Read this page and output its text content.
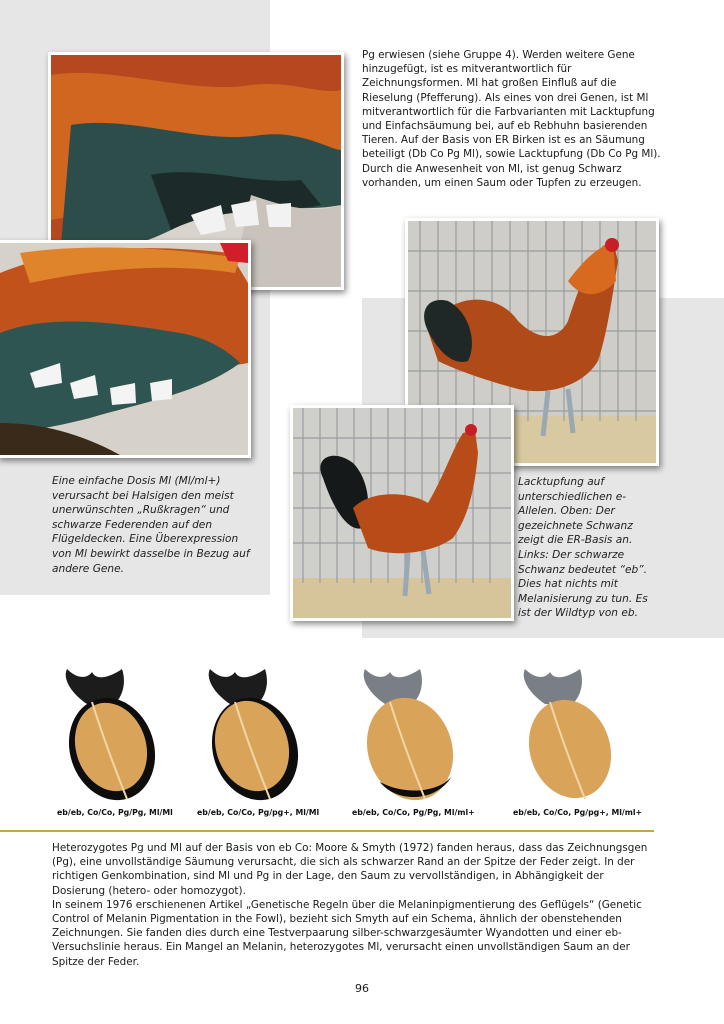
Pg erwiesen (siehe Gruppe 4). Werden weitere Gene hinzugefügt, ist es mitverantwortlich für Zeichnungsformen. Ml hat großen Einfluß auf die Rieselung (Pfefferung). Als eines von drei Genen, ist Ml mitverantwortlich für die Farbvarianten mit Lacktupfung und Einfachsäumung bei, auf eb Rebhuhn basierenden Tieren. Auf der Basis von ER Birken ist es an Säumung beteiligt (Db Co Pg Ml), sowie Lacktupfung (Db Co Pg Ml). Durch die Anwesenheit von Ml, ist genug Schwarz vorhanden, um einen Saum oder Tupfen zu erzeugen.
Eine einfache Dosis Ml (Ml/ml+) verursacht bei Halsigen den meist unerwünschten „Rußkragen“ und schwarze Federenden auf den Flügeldecken. Eine Überexpression von Ml bewirkt dasselbe in Bezug auf andere Gene.
Lacktupfung auf unterschiedlichen e-Allelen. Oben: Der gezeichnete Schwanz zeigt die ER-Basis an. Links: Der schwarze Schwanz bedeutet “eb”. Dies hat nichts mit Melanisierung zu tun. Es ist der Wildtyp von eb.
eb/eb, Co/Co, Pg/Pg, Ml/Ml	eb/eb, Co/Co, Pg/pg+, Ml/Ml	eb/eb, Co/Co, Pg/Pg, Ml/ml+	eb/eb, Co/Co, Pg/pg+, Ml/ml+

Heterozygotes Pg und Ml auf der Basis von eb Co: Moore & Smyth (1972) fanden heraus, dass das Zeichnungsgen (Pg), eine unvollständige Säumung verursacht, die sich als schwarzer Rand an der Spitze der Feder zeigt. In der richtigen Genkombination, sind Ml und Pg in der Lage, den Saum zu vervollständigen, in Abhängigkeit der Dosierung (hetero- oder homozygot).

In seinem 1976 erschienenen Artikel „Genetische Regeln über die Melaninpigmentierung des Geflügels“ (Genetic Control of Melanin Pigmentation in the Fowl), bezieht sich Smyth auf ein Schema, ähnlich der obenstehenden Zeichnungen. Sie fanden dies durch eine Testverpaarung silber-schwarzgesäumter Wyandotten und einer eb-Versuchslinie heraus. Ein Mangel an Melanin, heterozygotes Ml, verursacht einen unvollständigen Saum an der Spitze der Feder.

96
